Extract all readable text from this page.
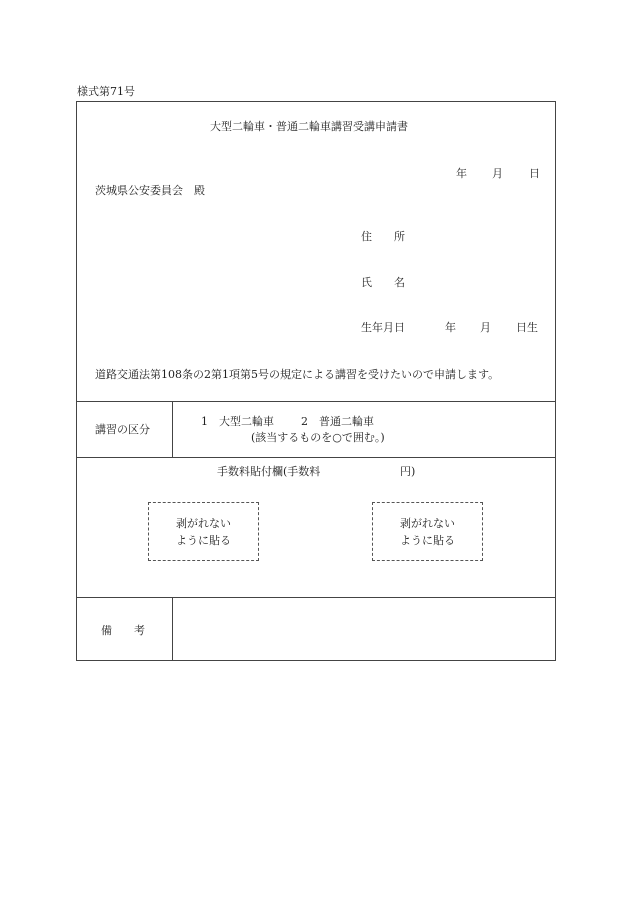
様式第71号
大型二輪車・普通二輪車講習受講申請書
年 月 日
茨城県公安委員会　殿
住　　所
氏　　名
生年月日	年 月 日生
道路交通法第108条の2第1項第5号の規定による講習を受けたいので申請します。
講習の区分
1　大型二輪車 2　普通二輪車
(該当するものを○で囲む。)
手数料貼付欄(手数料	円)
剥がれない
ように貼る
剥がれない
ように貼る
備　　考
